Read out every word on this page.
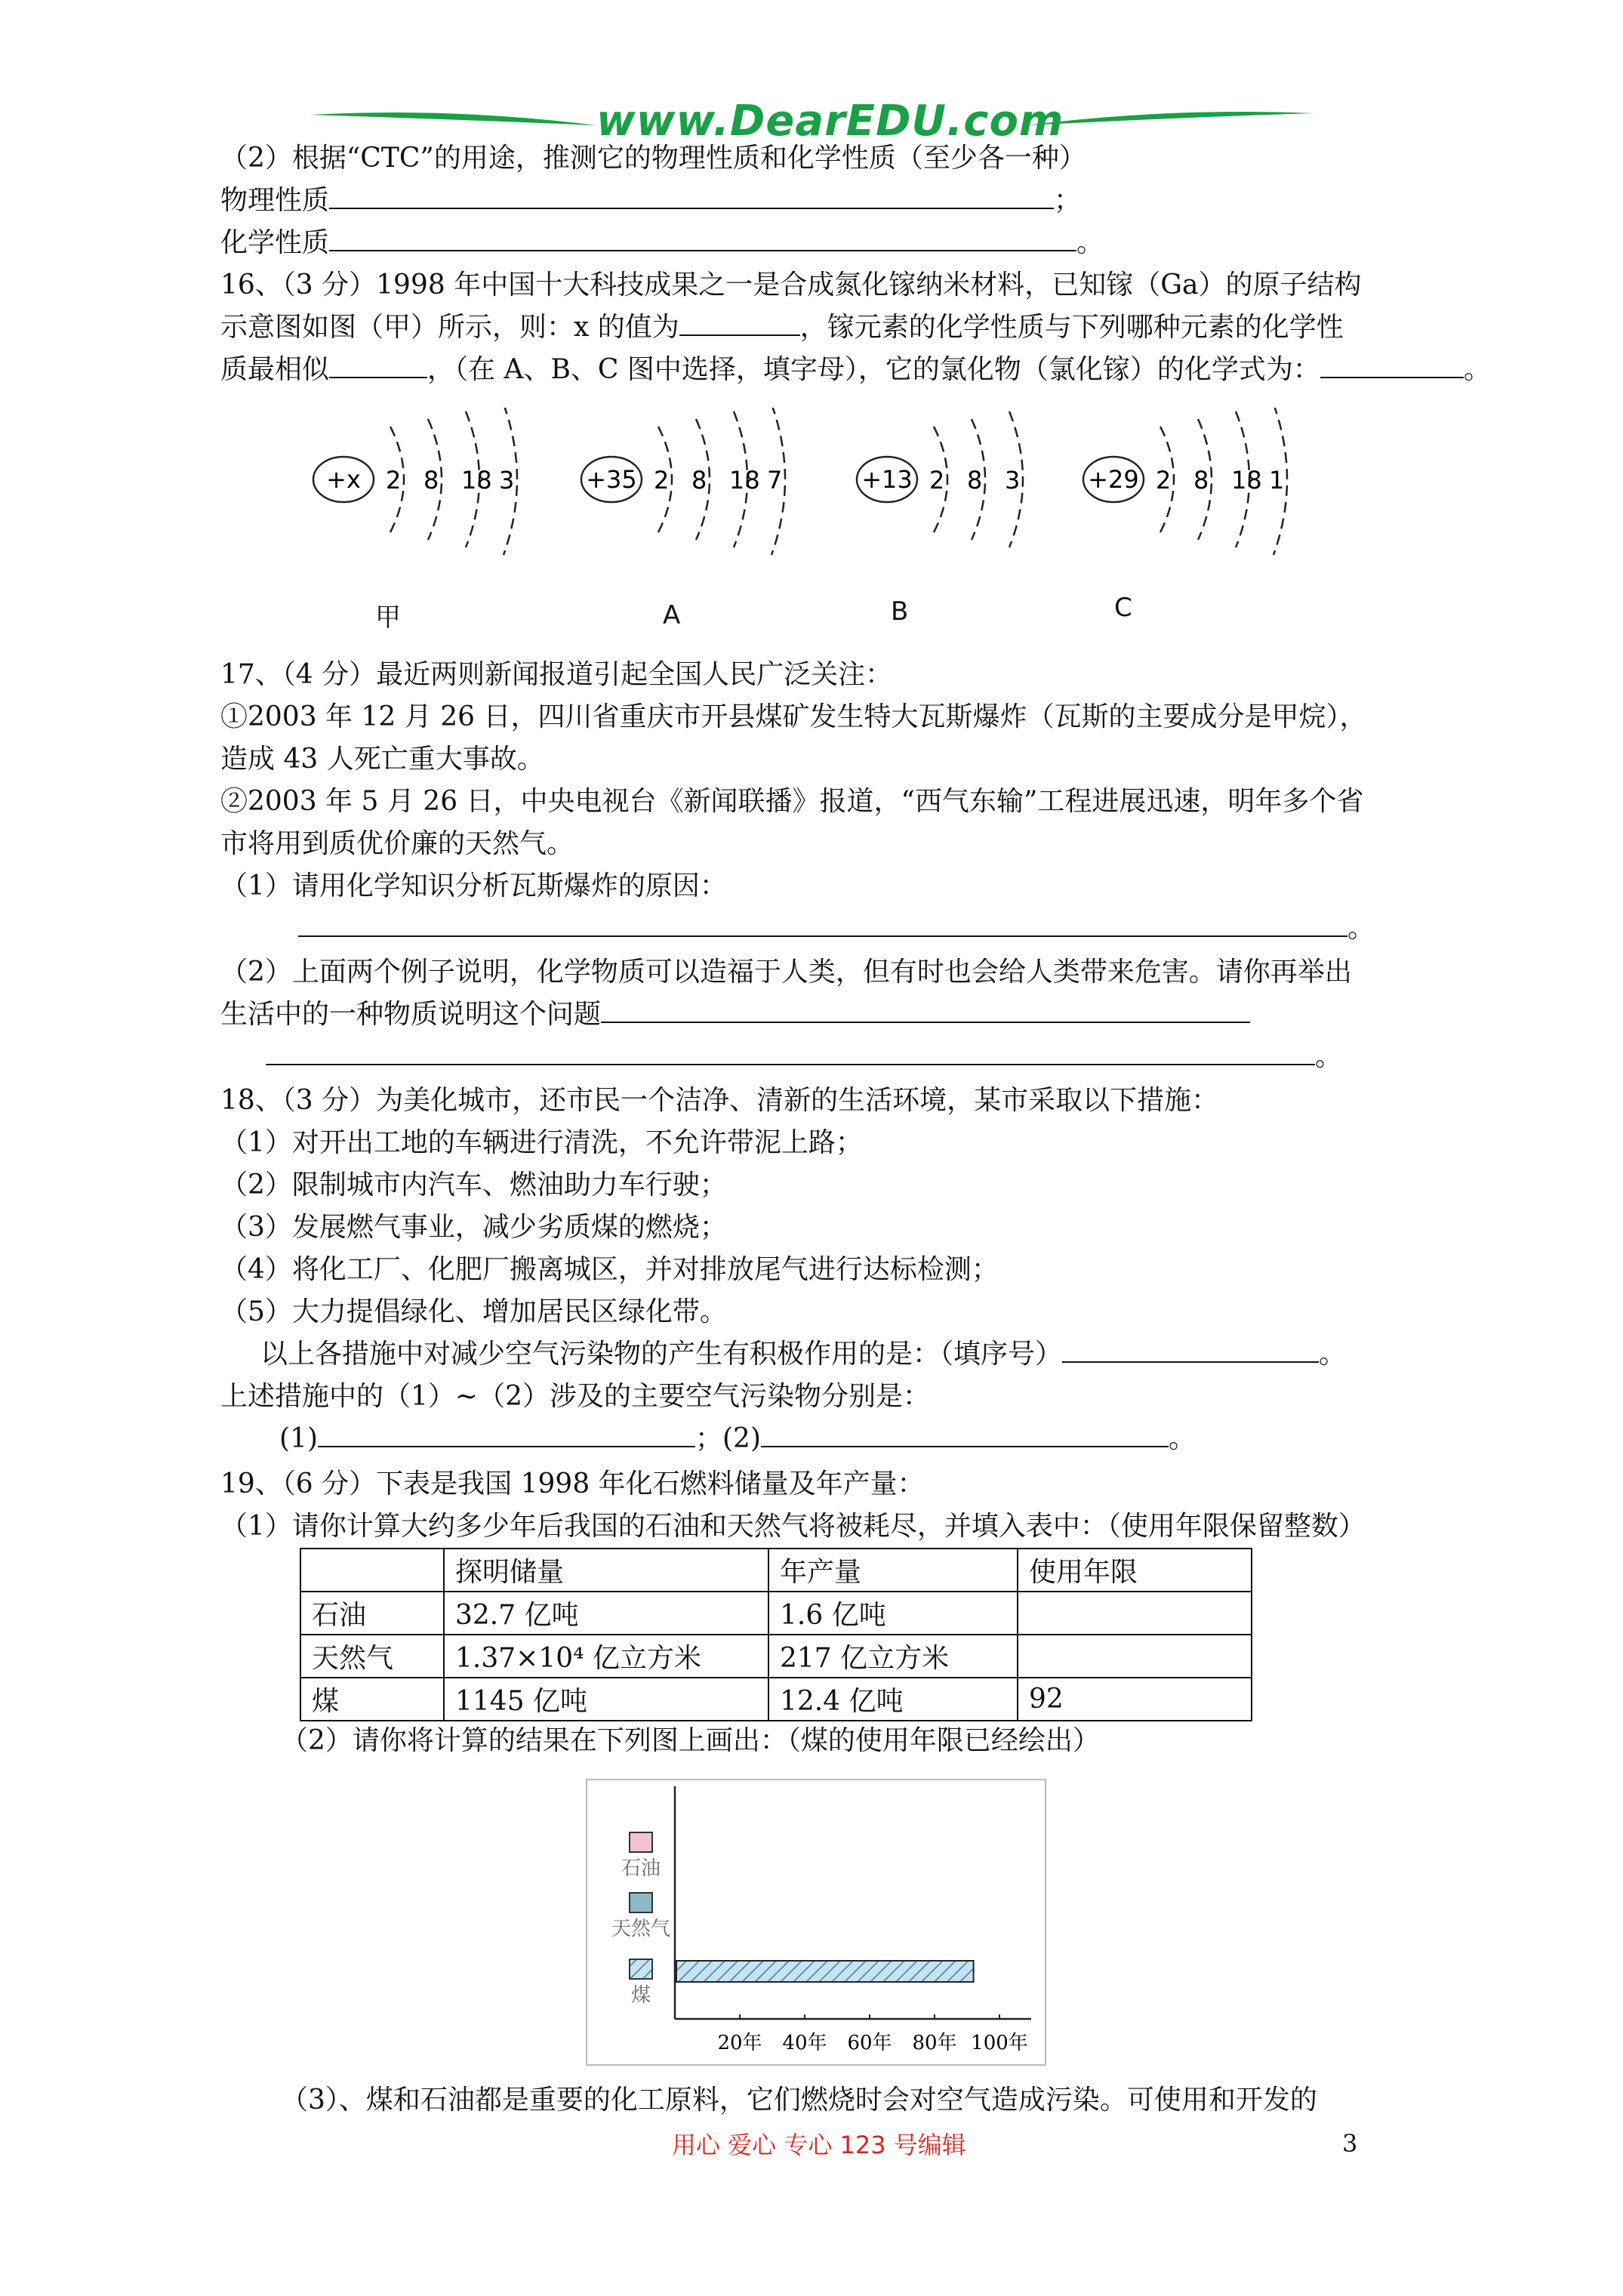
www.DearEDU.com
（2）根据“CTC”的用途，推测它的物理性质和化学性质（至少各一种）
物理性质	；
化学性质	。
16、（3 分）1998 年中国十大科技成果之一是合成氮化镓纳米材料，已知镓（Ga）的原子结构
示意图如图（甲）所示，则：x 的值为	，镓元素的化学性质与下列哪种元素的化学性
质最相似	，（在 A、B、C 图中选择，填字母），它的氯化物（氯化镓）的化学式为：	。
+x 2 8 18 3	+35 2 8 18 7	+13 2 8 3	+29 2 8 18 1
甲	A	B	C
17、（4 分）最近两则新闻报道引起全国人民广泛关注：
①2003 年 12 月 26 日，四川省重庆市开县煤矿发生特大瓦斯爆炸（瓦斯的主要成分是甲烷），
造成 43 人死亡重大事故。
②2003 年 5 月 26 日，中央电视台《新闻联播》报道，“西气东输”工程进展迅速，明年多个省
市将用到质优价廉的天然气。
（1）请用化学知识分析瓦斯爆炸的原因：
。
（2）上面两个例子说明，化学物质可以造福于人类，但有时也会给人类带来危害。请你再举出
生活中的一种物质说明这个问题
。
18、（3 分）为美化城市，还市民一个洁净、清新的生活环境，某市采取以下措施：
（1）对开出工地的车辆进行清洗，不允许带泥上路；
（2）限制城市内汽车、燃油助力车行驶；
（3）发展燃气事业，减少劣质煤的燃烧；
（4）将化工厂、化肥厂搬离城区，并对排放尾气进行达标检测；
（5）大力提倡绿化、增加居民区绿化带。
以上各措施中对减少空气污染物的产生有积极作用的是：（填序号）	。
上述措施中的（1）~（2）涉及的主要空气污染物分别是：
(1)	；(2)	。
19、（6 分）下表是我国 1998 年化石燃料储量及年产量：
（1）请你计算大约多少年后我国的石油和天然气将被耗尽，并填入表中：（使用年限保留整数）
	探明储量	年产量	使用年限
石油	32.7 亿吨	1.6 亿吨	
天然气	1.37×10⁴ 亿立方米	217 亿立方米	
煤	1145 亿吨	12.4 亿吨	92
（2）请你将计算的结果在下列图上画出：（煤的使用年限已经绘出）
20年 40年 60年 80年 100年
石油
天然气
煤
（3）、煤和石油都是重要的化工原料，它们燃烧时会对空气造成污染。可使用和开发的
用心 爱心 专心 123 号编辑	3
